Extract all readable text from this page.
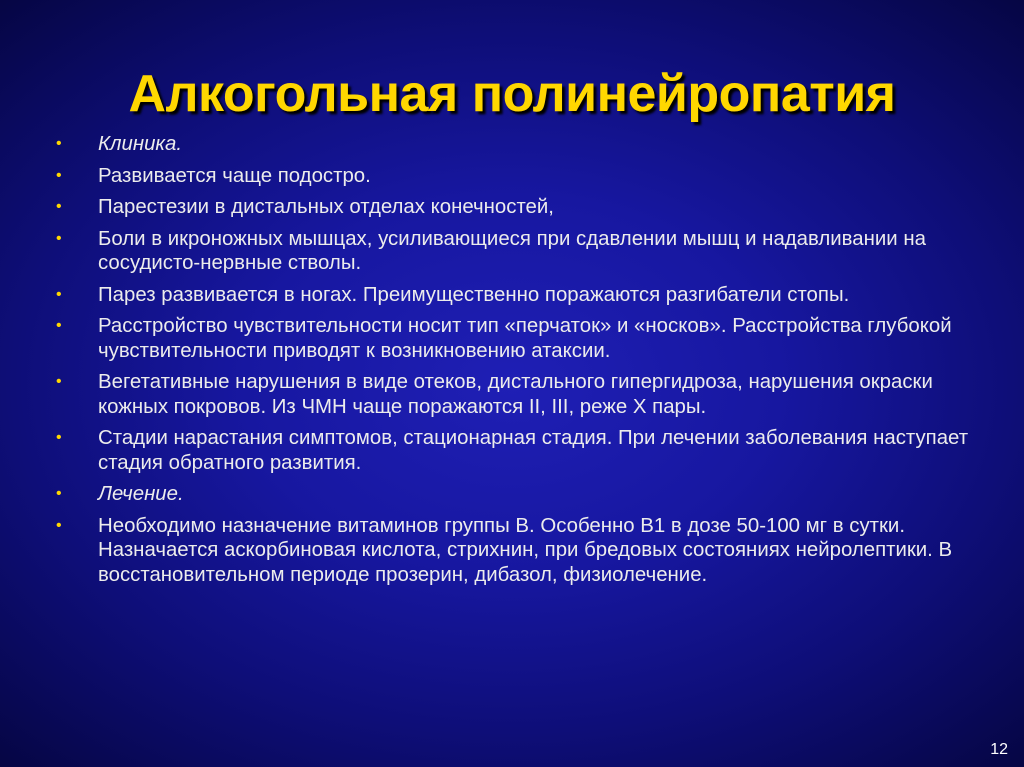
Алкогольная полинейропатия
• Клиника.
• Развивается чаще подостро.
• Парестезии в дистальных отделах конечностей,
• Боли в икроножных мышцах, усиливающиеся при сдавлении мышц и надавливании на сосудисто-нервные стволы.
• Парез развивается в ногах. Преимущественно поражаются разгибатели стопы.
• Расстройство чувствительности носит тип «перчаток» и «носков». Расстройства глубокой чувствительности приводят к возникновению атаксии.
• Вегетативные нарушения в виде отеков, дистального гипергидроза, нарушения окраски кожных покровов. Из ЧМН чаще поражаются II, III, реже Х пары.
• Стадии нарастания симптомов, стационарная стадия. При лечении заболевания наступает стадия обратного развития.
• Лечение.
• Необходимо назначение витаминов группы В. Особенно В1 в дозе 50-100 мг в сутки. Назначается аскорбиновая кислота, стрихнин, при бредовых состояниях нейролептики. В восстановительном периоде прозерин, дибазол, физиолечение.
12
